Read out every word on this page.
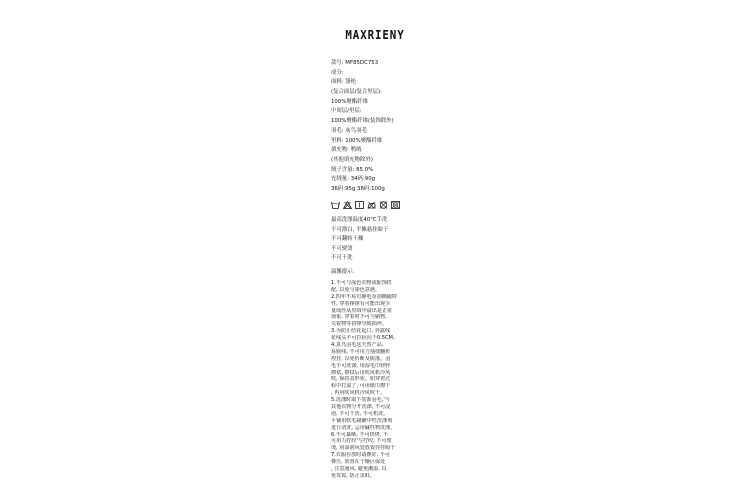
MAXRIENY
款号: MF85DC753
成分:
面料: 涤纶
(复合面层/复合里层):
100%聚酯纤维
中间层/里层:
100%聚酯纤维(装饰除外)
羽毛: 灰鸟羽毛
里料: 100%聚酯纤维
填充物: 鸭绒
(其他填充物除外)
绒子含量: 85.0%
充绒量: 34码:90g
36码:95g 38码:100g
最高洗涤温度40°C手洗
不可漂白, 平摊悬挂晾干
不可翻转干燥
不可熨烫
不可干洗
温馨提示:
1.不可与深色衣物或配饰搭
配, 以免与染色意遇。
2.四年不易有静电及别撕随特
性, 穿着撑撑有可能出现少
量绒丝从里绒中溢出是正常
现象, 穿着时不可与刷物,
尖锐物等挤撑导致损坏。
3.为防止结花起口, 外露线
花线头不可拉扯向于0.5CM。
4.真鸟羽毛这天然产品,
易脱线, 不可用力抽揉翻折
捏挂, 以免折断及脱落。羽
毛不可洗涤, 用湿毛巾轻轻
擦拭, 擦拭后用吹风机冷风
吹, 保持其形状。如穿着过
程中打湿了, 可用纸巾擦干
, 再用吹风机冷风吹干。
5.洗涤时取下装饰羽毛,'与
其他衣物分开洗涤, 不可浸
泡, 不可干洗, 不可机洗,
平铺用软毛刷蘸中性洗涤剂
进行清洗, 忌用碱性物洗涤。
6.不可暴晒, 不可烘烤, 不
可用力拧绞'与拧绞, 不可熨
烫, 用湿润风处放置挂挂晾干
7.衣服存放时请叠好, 不可
叠压, 放置在干燥区保处
, 注意通风, 避免潮湿, 以
免发霉, 防止虫蛀。
